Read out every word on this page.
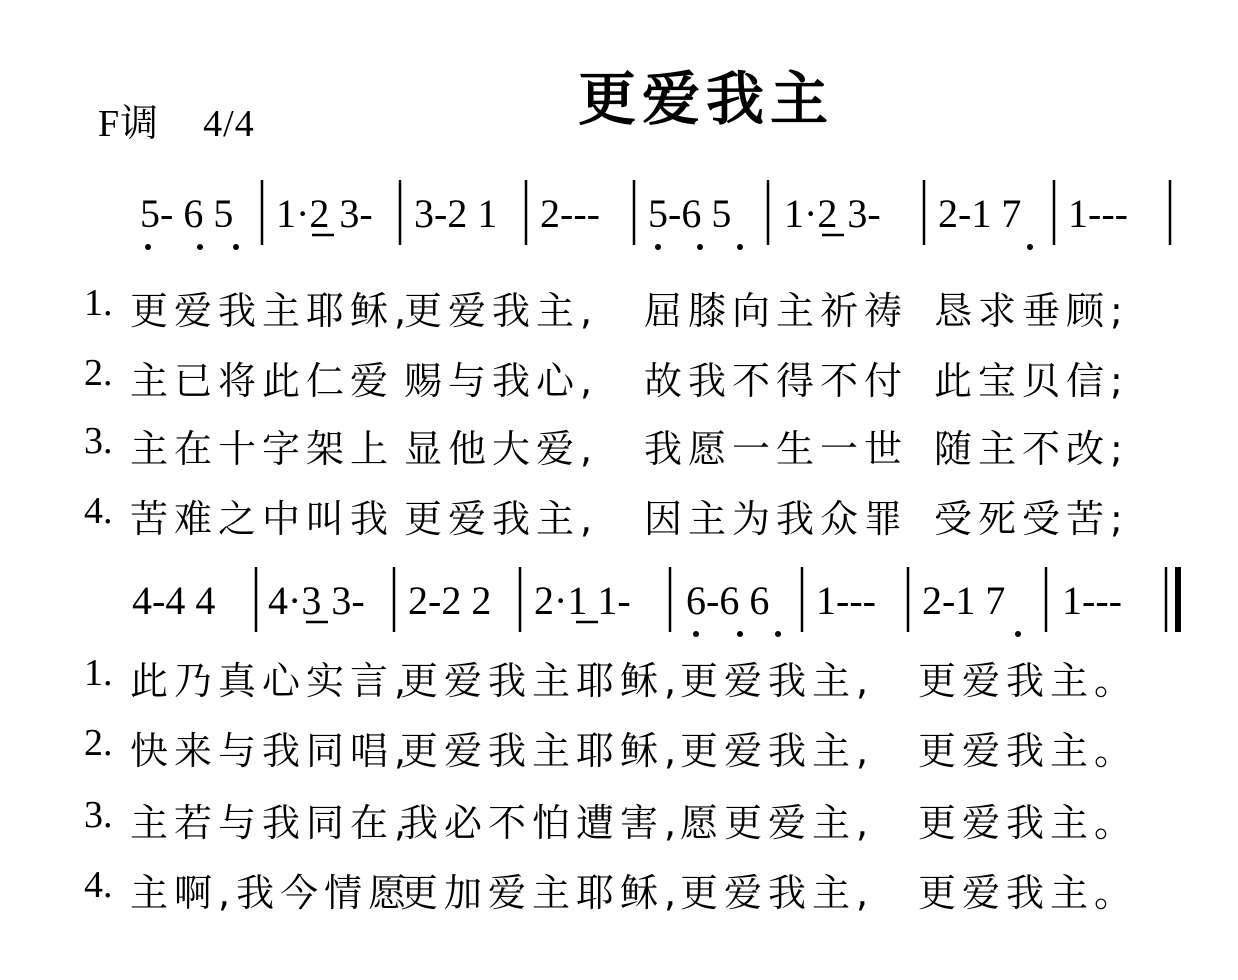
F调 4/4	更爱我主
5- 6 5 1·2 3- 3-2 1 2--- 5-6 5 1·2 3- 2-1 7 1---
1. 更爱我主耶稣,
更爱我主, 屈膝向主祈祷 恳求垂顾;
2. 主已将此仁爱 赐与我心, 故我不得不付 此宝贝信;
3. 主在十字架上 显他大爱, 我愿一生一世 随主不改;
4. 苦难之中叫我 更爱我主, 因主为我众罪 受死受苦;
4-4 4 4·3 3- 2-2 2 2·1 1- 6-6 6 1--- 2-1 7 1---
1. 此乃真心实言,
更爱我主耶稣,
更爱我主, 更爱我主。
2. 快来与我同唱,
更爱我主耶稣,
更爱我主, 更爱我主。
3. 主若与我同在,
我必不怕遭害,
愿更爱主, 更爱我主。
4. 主啊,我今情愿
更加爱主耶稣,
更爱我主, 更爱我主。
